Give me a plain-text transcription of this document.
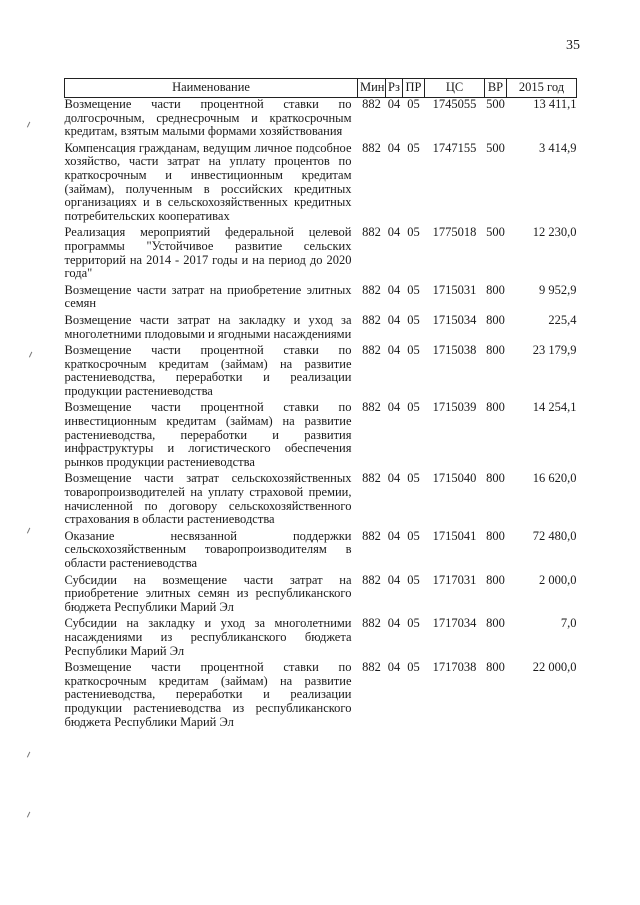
35
Наименование	Мин	Рз	ПР	ЦС	ВР	2015 год
Возмещение части процентной ставки по долгосрочным, среднесрочным и краткосрочным кредитам, взятым малыми формами хозяйствования	882	04	05	1745055	500	13 411,1
Компенсация гражданам, ведущим личное подсобное хозяйство, части затрат на уплату процентов по краткосрочным и инвестиционным кредитам (займам), полученным в российских кредитных организациях и в сельскохозяйственных кредитных потребительских кооперативах	882	04	05	1747155	500	3 414,9
Реализация мероприятий федеральной целевой программы "Устойчивое развитие сельских территорий на 2014 - 2017 годы и на период до 2020 года"	882	04	05	1775018	500	12 230,0
Возмещение части затрат на приобретение элитных семян	882	04	05	1715031	800	9 952,9
Возмещение части затрат на закладку и уход за многолетними плодовыми и ягодными насаждениями	882	04	05	1715034	800	225,4
Возмещение части процентной ставки по краткосрочным кредитам (займам) на развитие растениеводства, переработки и реализации продукции растениеводства	882	04	05	1715038	800	23 179,9
Возмещение части процентной ставки по инвестиционным кредитам (займам) на развитие растениеводства, переработки и развития инфраструктуры и логистического обеспечения рынков продукции растениеводства	882	04	05	1715039	800	14 254,1
Возмещение части затрат сельскохозяйственных товаропроизводителей на уплату страховой премии, начисленной по договору сельскохозяйственного страхования в области растениеводства	882	04	05	1715040	800	16 620,0
Оказание несвязанной поддержки сельскохозяйственным товаропроизводителям в области растениеводства	882	04	05	1715041	800	72 480,0
Субсидии на возмещение части затрат на приобретение элитных семян из республиканского бюджета Республики Марий Эл	882	04	05	1717031	800	2 000,0
Субсидии на закладку и уход за многолетними насаждениями из республиканского бюджета Республики Марий Эл	882	04	05	1717034	800	7,0
Возмещение части процентной ставки по краткосрочным кредитам (займам) на развитие растениеводства, переработки и реализации продукции растениеводства из республиканского бюджета Республики Марий Эл	882	04	05	1717038	800	22 000,0
